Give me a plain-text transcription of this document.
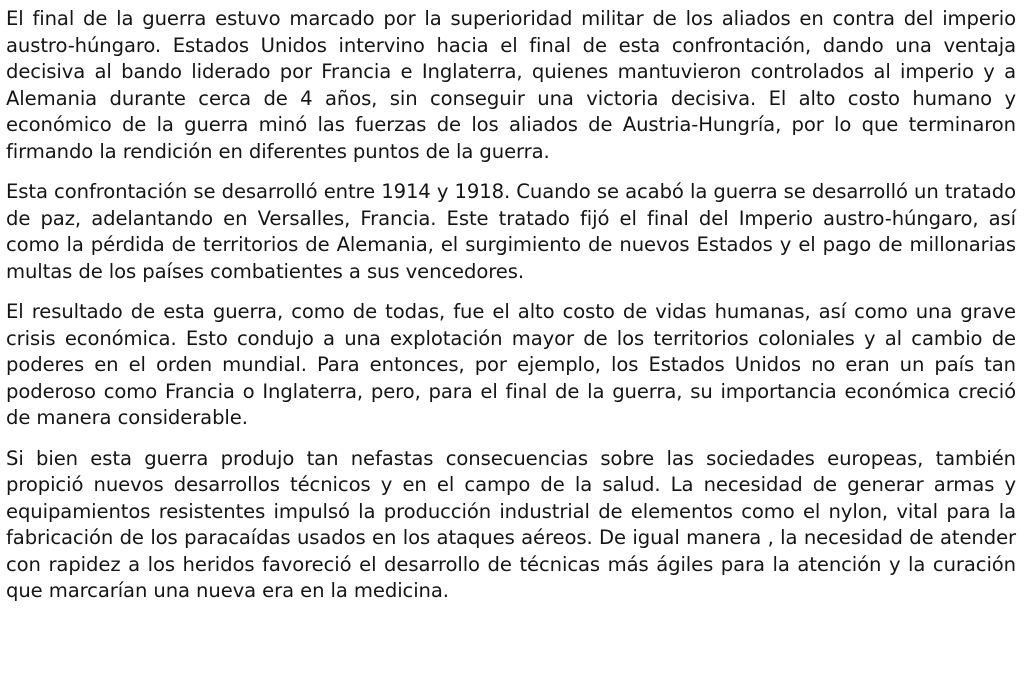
El final de la guerra estuvo marcado por la superioridad militar de los aliados en contra del imperio austro-húngaro. Estados Unidos intervino hacia el final de esta confrontación, dando una ventaja decisiva al bando liderado por Francia e Inglaterra, quienes mantuvieron controlados al imperio y a Alemania durante cerca de 4 años, sin conseguir una victoria decisiva. El alto costo humano y económico de la guerra minó las fuerzas de los aliados de Austria-Hungría, por lo que terminaron firmando la rendición en diferentes puntos de la guerra.

Esta confrontación se desarrolló entre 1914 y 1918. Cuando se acabó la guerra se desarrolló un tratado de paz, adelantando en Versalles, Francia. Este tratado fijó el final del Imperio austro-húngaro, así como la pérdida de territorios de Alemania, el surgimiento de nuevos Estados y el pago de millonarias multas de los países combatientes a sus vencedores.

El resultado de esta guerra, como de todas, fue el alto costo de vidas humanas, así como una grave crisis económica. Esto condujo a una explotación mayor de los territorios coloniales y al cambio de poderes en el orden mundial. Para entonces, por ejemplo, los Estados Unidos no eran un país tan poderoso como Francia o Inglaterra, pero, para el final de la guerra, su importancia económica creció de manera considerable.

Si bien esta guerra produjo tan nefastas consecuencias sobre las sociedades europeas, también propició nuevos desarrollos técnicos y en el campo de la salud. La necesidad de generar armas y equipamientos resistentes impulsó la producción industrial de elementos como el nylon, vital para la fabricación de los paracaídas usados en los ataques aéreos. De igual manera , la necesidad de atender con rapidez a los heridos favoreció el desarrollo de técnicas más ágiles para la atención y la curación que marcarían una nueva era en la medicina.
